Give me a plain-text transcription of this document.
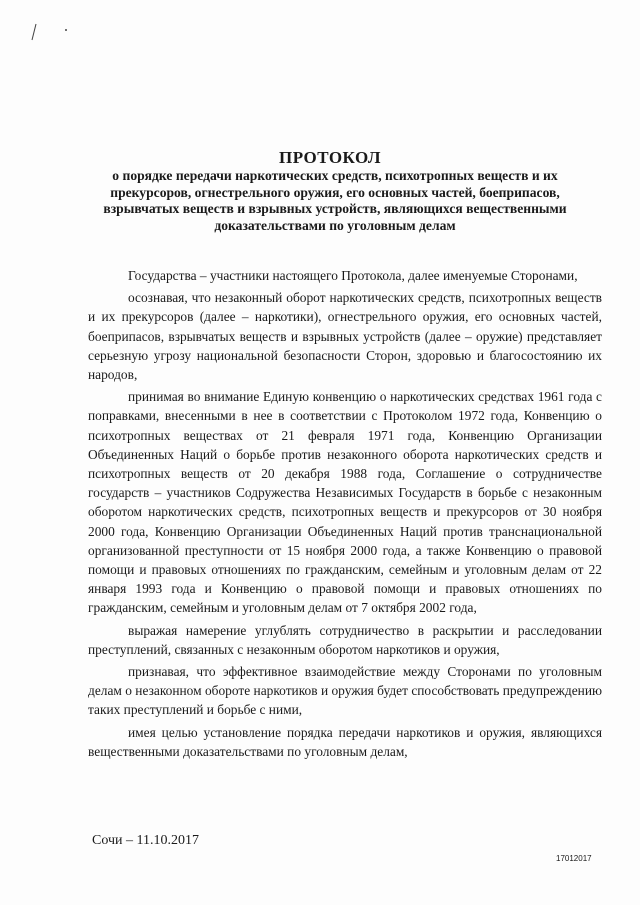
ПРОТОКОЛ
о порядке передачи наркотических средств, психотропных веществ и их прекурсоров, огнестрельного оружия, его основных частей, боеприпасов, взрывчатых веществ и взрывных устройств, являющихся вещественными доказательствами по уголовным делам

Государства – участники настоящего Протокола, далее именуемые Сторонами,

осознавая, что незаконный оборот наркотических средств, психотропных веществ и их прекурсоров (далее – наркотики), огнестрельного оружия, его основных частей, боеприпасов, взрывчатых веществ и взрывных устройств (далее – оружие) представляет серьезную угрозу национальной безопасности Сторон, здоровью и благосостоянию их народов,

принимая во внимание Единую конвенцию о наркотических средствах 1961 года с поправками, внесенными в нее в соответствии с Протоколом 1972 года, Конвенцию о психотропных веществах от 21 февраля 1971 года, Конвенцию Организации Объединенных Наций о борьбе против незаконного оборота наркотических средств и психотропных веществ от 20 декабря 1988 года, Соглашение о сотрудничестве государств – участников Содружества Независимых Государств в борьбе с незаконным оборотом наркотических средств, психотропных веществ и прекурсоров от 30 ноября 2000 года, Конвенцию Организации Объединенных Наций против транснациональной организованной преступности от 15 ноября 2000 года, а также Конвенцию о правовой помощи и правовых отношениях по гражданским, семейным и уголовным делам от 22 января 1993 года и Конвенцию о правовой помощи и правовых отношениях по гражданским, семейным и уголовным делам от 7 октября 2002 года,

выражая намерение углублять сотрудничество в раскрытии и расследовании преступлений, связанных с незаконным оборотом наркотиков и оружия,

признавая, что эффективное взаимодействие между Сторонами по уголовным делам о незаконном обороте наркотиков и оружия будет способствовать предупреждению таких преступлений и борьбе с ними,

имея целью установление порядка передачи наркотиков и оружия, являющихся вещественными доказательствами по уголовным делам,

Сочи – 11.10.2017
17012017
